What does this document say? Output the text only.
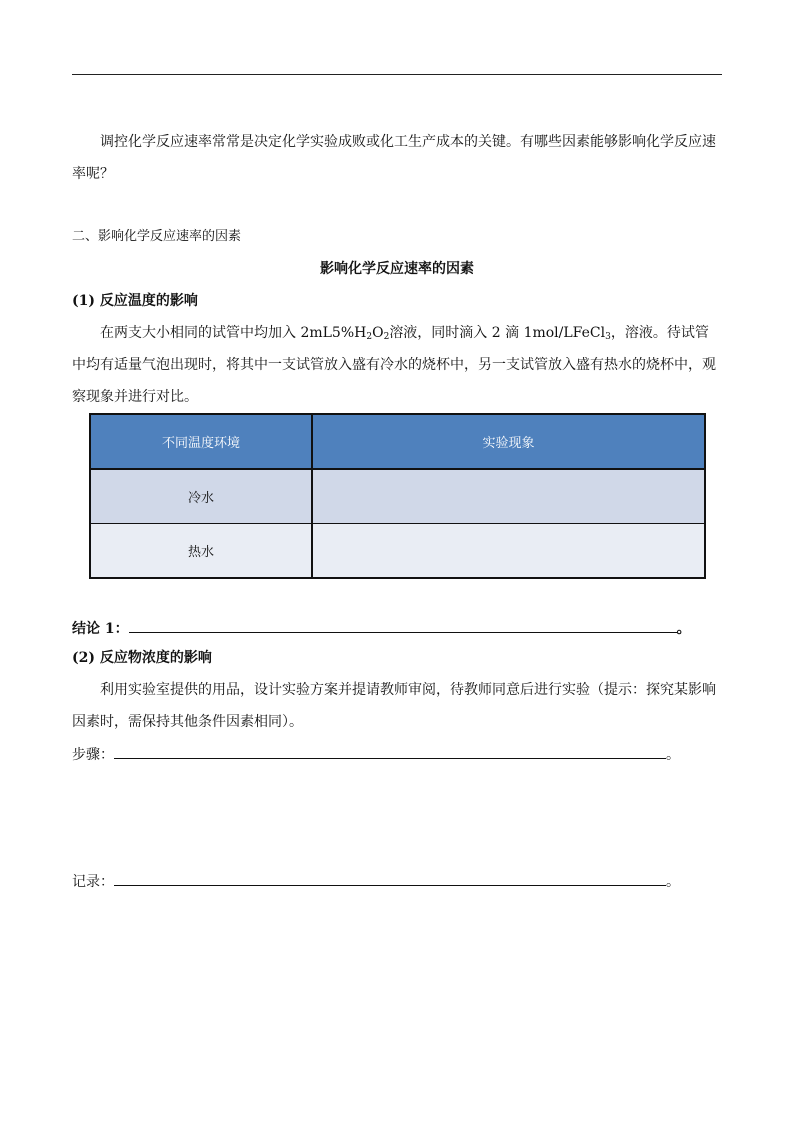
调控化学反应速率常常是决定化学实验成败或化工生产成本的关键。有哪些因素能够影响化学反应速率呢？
二、影响化学反应速率的因素
影响化学反应速率的因素
(1) 反应温度的影响
在两支大小相同的试管中均加入 $2mL5\%H_2O_2$溶液，同时滴入 2 滴 1mol/LFeCl$_3$，溶液。待试管中均有适量气泡出现时，将其中一支试管放入盛有冷水的烧杯中，另一支试管放入盛有热水的烧杯中，观察现象并进行对比。
不同温度环境	实验现象
冷水	
热水	
结论 1：	。
(2) 反应物浓度的影响
利用实验室提供的用品，设计实验方案并提请教师审阅，待教师同意后进行实验（提示：探究某影响因素时，需保持其他条件因素相同）。
步骤：	。
记录：	。
